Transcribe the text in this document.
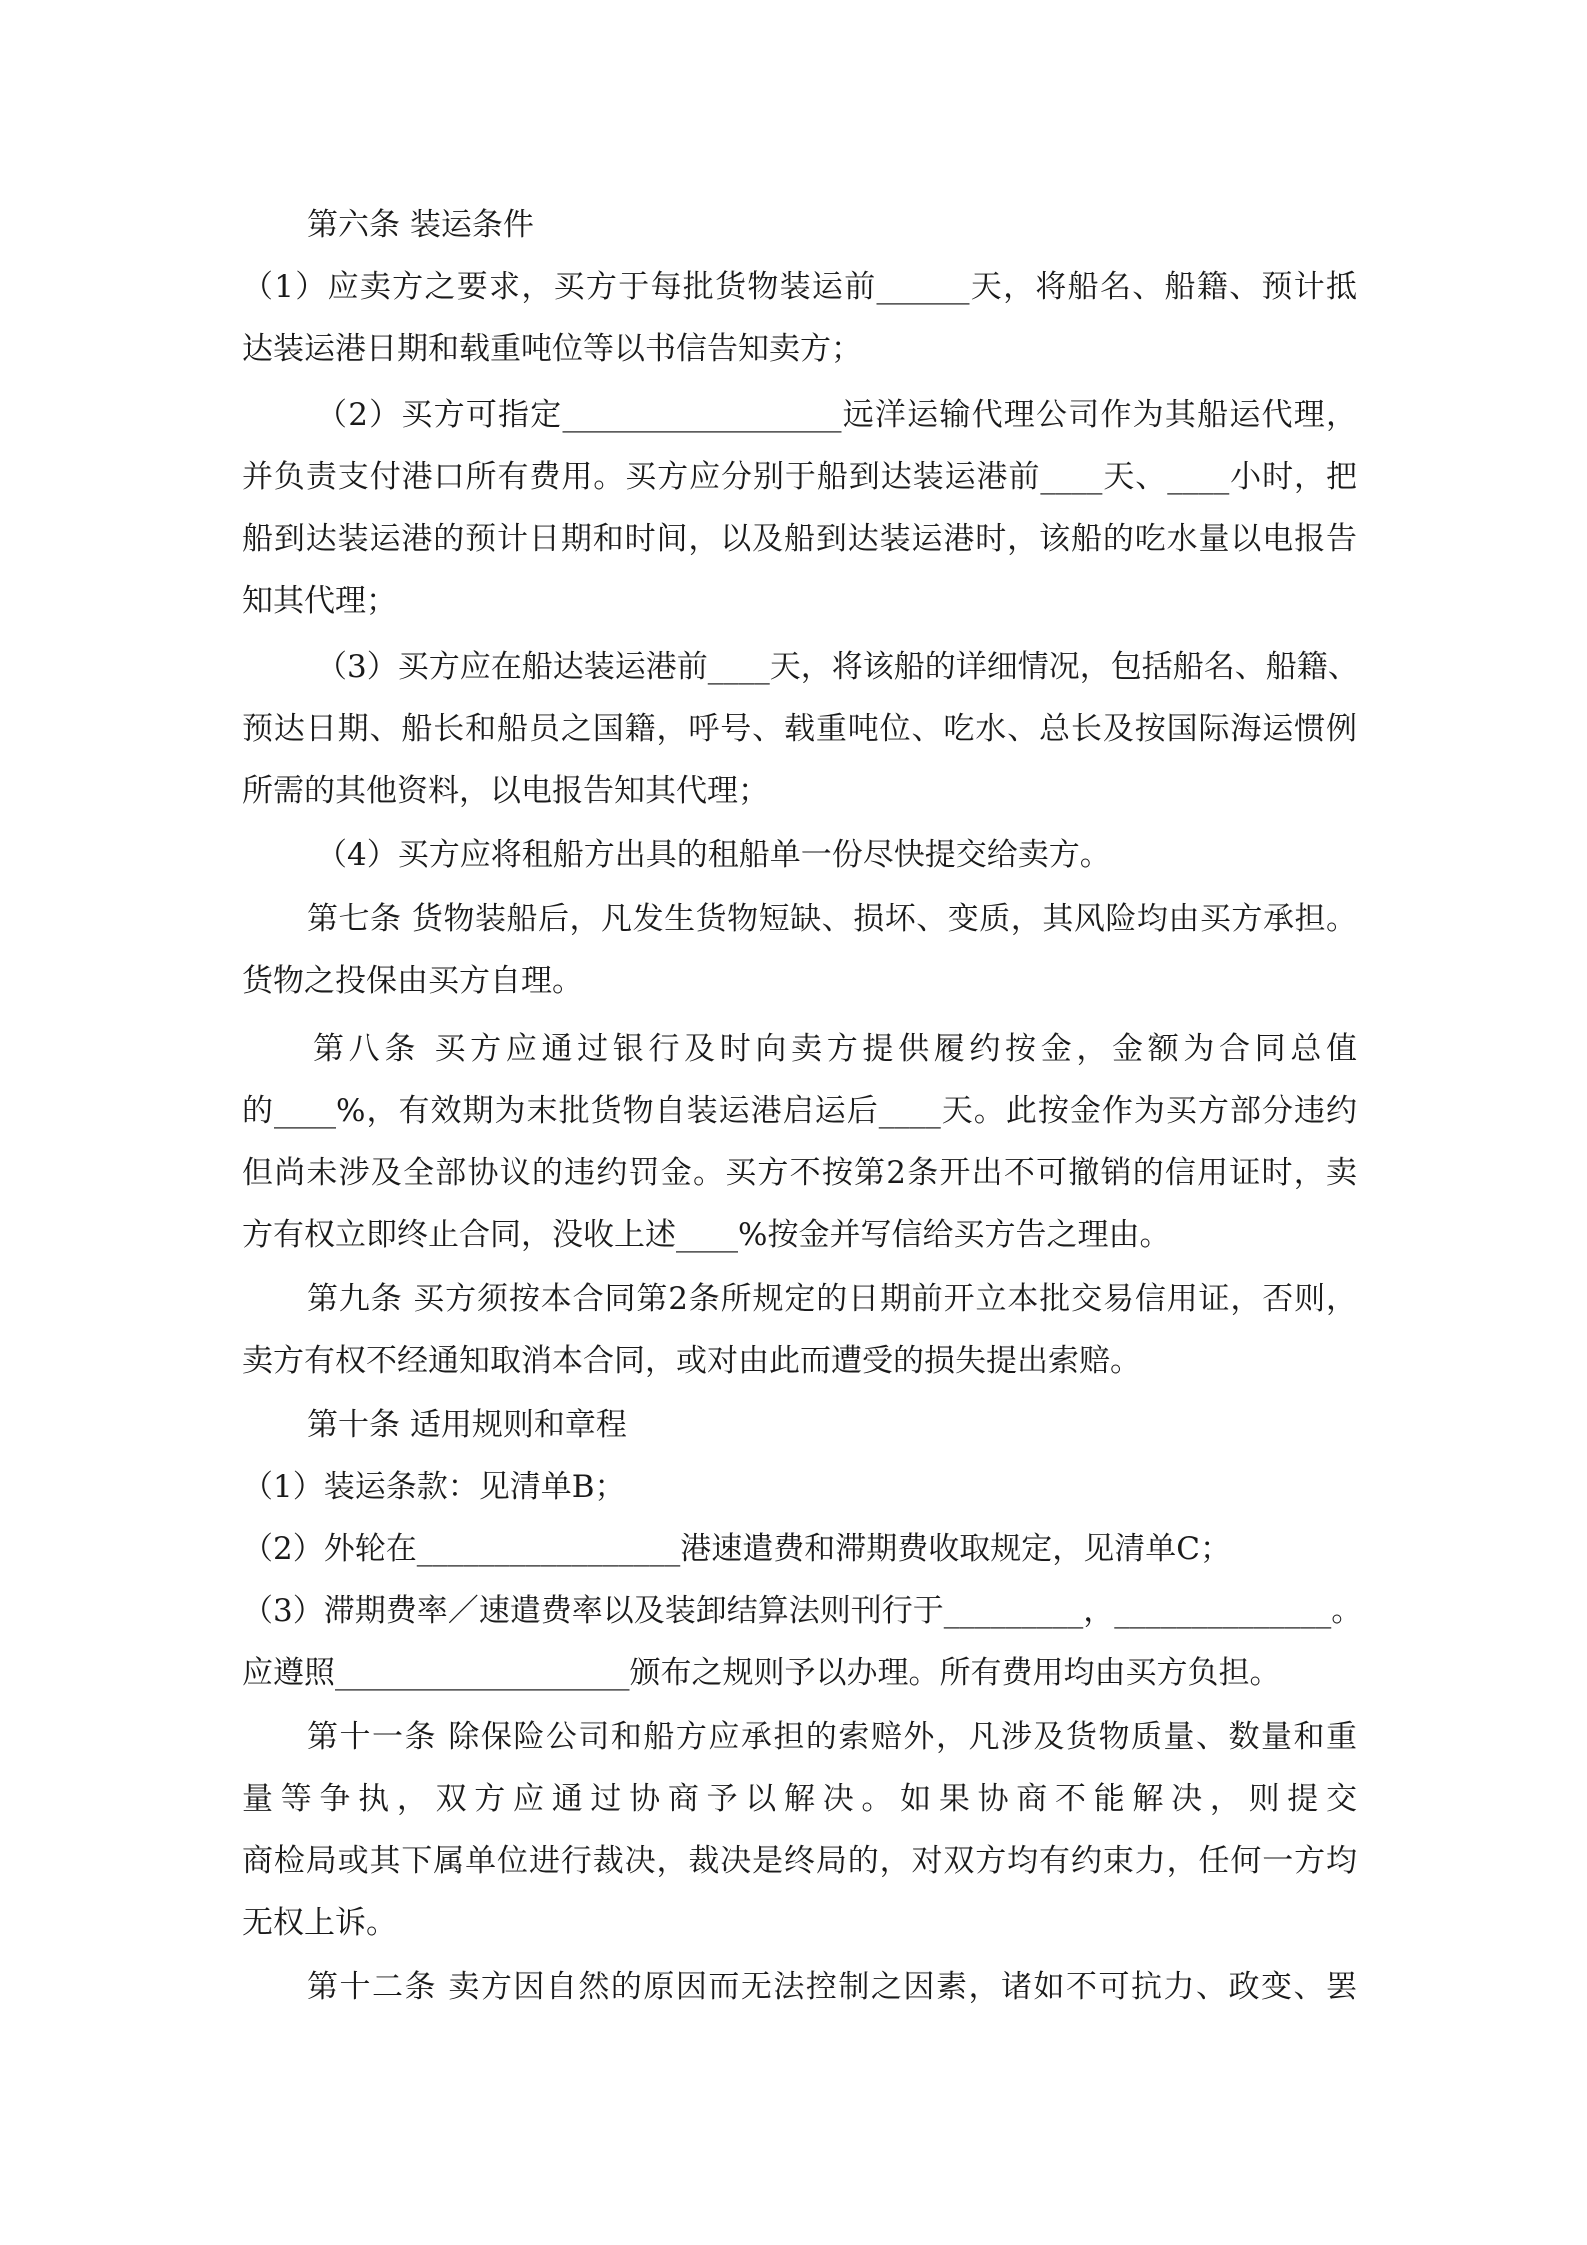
第六条 装运条件
（1）应卖方之要求，买方于每批货物装运前______天，将船名、船籍、预计抵
达装运港日期和载重吨位等以书信告知卖方；
（2）买方可指定__________________远洋运输代理公司作为其船运代理，
并负责支付港口所有费用。买方应分别于船到达装运港前____天、____小时，把
船到达装运港的预计日期和时间，以及船到达装运港时，该船的吃水量以电报告
知其代理；
（3）买方应在船达装运港前____天，将该船的详细情况，包括船名、船籍、
预达日期、船长和船员之国籍，呼号、载重吨位、吃水、总长及按国际海运惯例
所需的其他资料，以电报告知其代理；
（4）买方应将租船方出具的租船单一份尽快提交给卖方。
第七条 货物装船后，凡发生货物短缺、损坏、变质，其风险均由买方承担。
货物之投保由买方自理。
第八条 买方应通过银行及时向卖方提供履约按金，金额为合同总值
的____%，有效期为末批货物自装运港启运后____天。此按金作为买方部分违约
但尚未涉及全部协议的违约罚金。买方不按第2条开出不可撤销的信用证时，卖
方有权立即终止合同，没收上述____%按金并写信给买方告之理由。
第九条 买方须按本合同第2条所规定的日期前开立本批交易信用证，否则，
卖方有权不经通知取消本合同，或对由此而遭受的损失提出索赔。
第十条 适用规则和章程
（1）装运条款：见清单B；
（2）外轮在_________________港速遣费和滞期费收取规定，见清单C；
（3）滞期费率／速遣费率以及装卸结算法则刊行于_________，______________。
应遵照___________________颁布之规则予以办理。所有费用均由买方负担。
第十一条 除保险公司和船方应承担的索赔外，凡涉及货物质量、数量和重
量等争执，双方应通过协商予以解决。如果协商不能解决，则提交
商检局或其下属单位进行裁决，裁决是终局的，对双方均有约束力，任何一方均
无权上诉。
第十二条 卖方因自然的原因而无法控制之因素，诸如不可抗力、政变、罢
